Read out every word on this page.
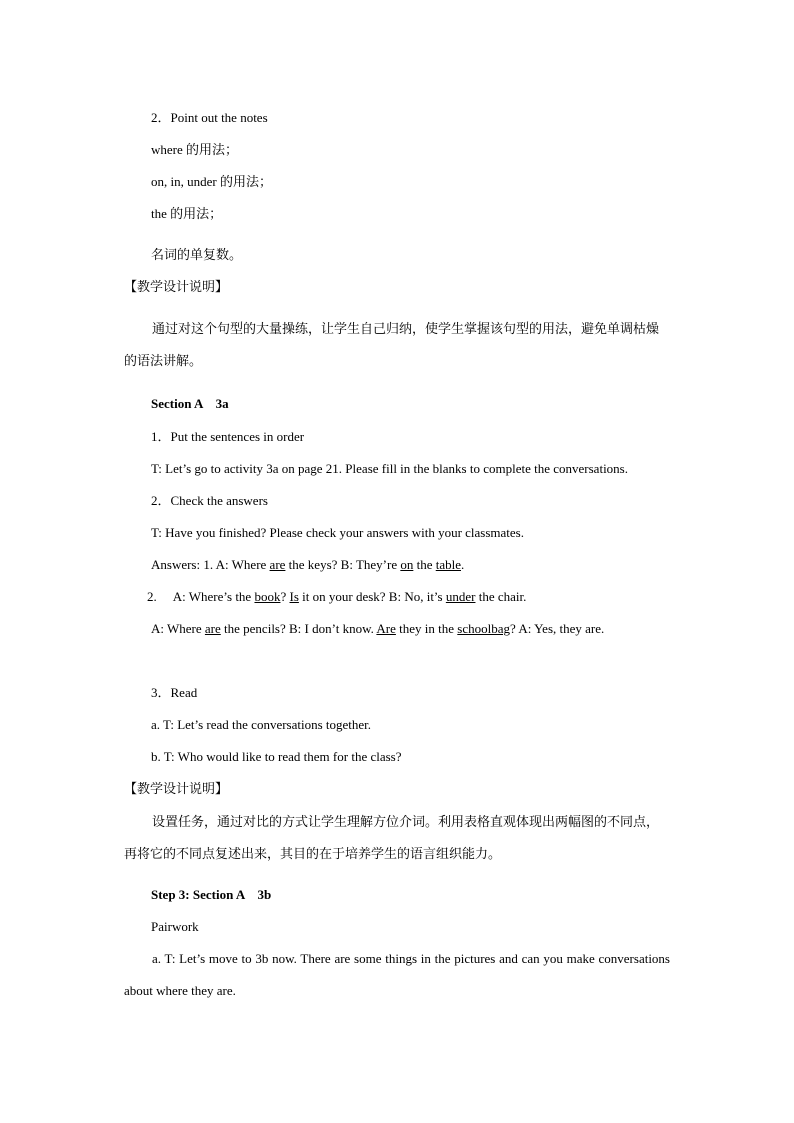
2．Point out the notes
where 的用法；
on, in, under 的用法；
the 的用法；
名词的单复数。
【教学设计说明】
通过对这个句型的大量操练，让学生自己归纳，使学生掌握该句型的用法，避免单调枯燥的语法讲解。
Section A　3a
1．Put the sentences in order
T: Let’s go to activity 3a on page 21. Please fill in the blanks to complete the conversations.
2．Check the answers
T: Have you finished? Please check your answers with your classmates.
Answers: 1. A: Where are the keys? B: They’re on the table.
2. A: Where’s the book? Is it on your desk? B: No, it’s under the chair.
A: Where are the pencils? B: I don’t know. Are they in the schoolbag? A: Yes, they are.
3．Read
a. T: Let’s read the conversations together.
b. T: Who would like to read them for the class?
【教学设计说明】
设置任务，通过对比的方式让学生理解方位介词。利用表格直观体现出两幅图的不同点，　再将它的不同点复述出来，其目的在于培养学生的语言组织能力。
Step 3: Section A　3b
Pairwork
a. T: Let’s move to 3b now. There are some things in the pictures and can you make conversations about where they are.
